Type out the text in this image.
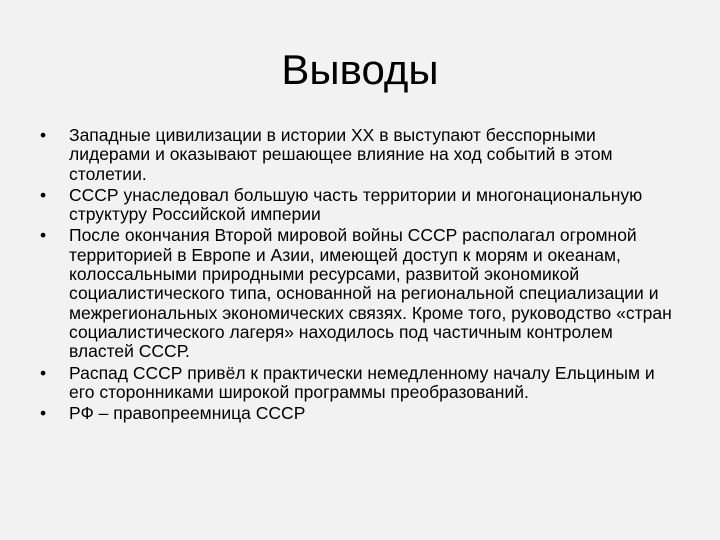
Выводы
•	Западные цивилизации в истории XX в выступают бесспорными лидерами и оказывают решающее влияние на ход событий в этом столетии.
•	СССР унаследовал большую часть территории и многонациональную структуру Российской империи
•	После окончания Второй мировой войны СССР располагал огромной территорией в Европе и Азии, имеющей доступ к морям и океанам, колоссальными природными ресурсами, развитой экономикой социалистического типа, основанной на региональной специализации и межрегиональных экономических связях. Кроме того, руководство «стран социалистического лагеря» находилось под частичным контролем властей СССР.
•	Распад СССР привёл к практически немедленному началу Ельциным и его сторонниками широкой программы преобразований.
•	РФ – правопреемница СССР
